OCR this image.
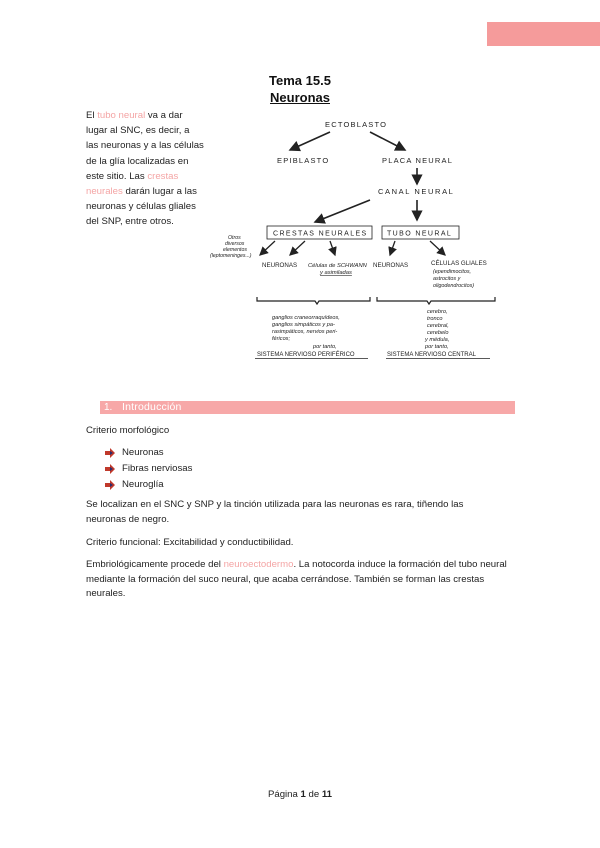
Tema 15.5
Neuronas
El tubo neural va a dar lugar al SNC, es decir, a las neuronas y a las células de la glía localizadas en este sitio. Las crestas neurales darán lugar a las neuronas y células gliales del SNP, entre otros.
ECTOBLASTO
EPIBLASTO	PLACA NEURAL
CANAL NEURAL
CRESTAS NEURALES	TUBO NEURAL
Otros
diversos
elementos
(leptomeninges...)
NEURONAS Células de SCHWANN
y asimiladas
NEURONAS	CÉLULAS GLIALES
(ependimocitos,
astrocitos y
oligodendrocitos)
ganglios craneorraquídeos,
ganglios simpáticos y pa-
rasimpáticos, nervios peri-
féricos;
por tanto,
SISTEMA NERVIOSO PERIFÉRICO
cerebro,
tronco
cerebral,
cerebelo
y médula,
por tanto,
SISTEMA NERVIOSO CENTRAL
1. Introducción
Criterio morfológico
Neuronas
Fibras nerviosas
Neuroglía
Se localizan en el SNC y SNP y la tinción utilizada para las neuronas es rara, tiñendo las neuronas de negro.
Criterio funcional: Excitabilidad y conductibilidad.
Embriológicamente procede del neuroectodermo. La notocorda induce la formación del tubo neural mediante la formación del suco neural, que acaba cerrándose. También se forman las crestas neurales.
Página 1 de 11
